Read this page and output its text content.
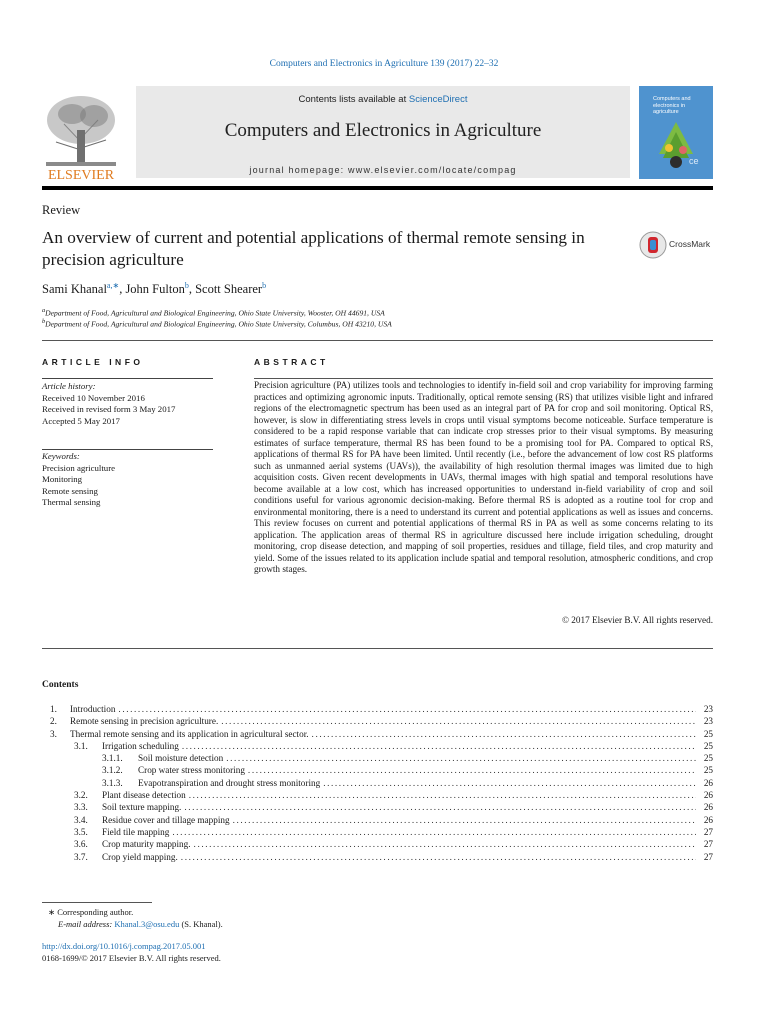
Computers and Electronics in Agriculture 139 (2017) 22–32
ELSEVIER
Contents lists available at ScienceDirect
Computers and Electronics in Agriculture
journal homepage: www.elsevier.com/locate/compag
Computers and electronics in agriculture
ce
Review
An overview of current and potential applications of thermal remote sensing in precision agriculture
CrossMark
Sami Khanal$^{a,∗}$, John Fulton$^b$, Scott Shearer$^b$
$^a$Department of Food, Agricultural and Biological Engineering, Ohio State University, Wooster, OH 44691, USA
$^b$Department of Food, Agricultural and Biological Engineering, Ohio State University, Columbus, OH 43210, USA
ARTICLE INFO
Article history:
Received 10 November 2016
Received in revised form 3 May 2017
Accepted 5 May 2017
Keywords:
Precision agriculture
Monitoring
Remote sensing
Thermal sensing
ABSTRACT
Precision agriculture (PA) utilizes tools and technologies to identify in-field soil and crop variability for improving farming practices and optimizing agronomic inputs. Traditionally, optical remote sensing (RS) that utilizes visible light and infrared regions of the electromagnetic spectrum has been used as an integral part of PA for crop and soil monitoring. Optical RS, however, is slow in differentiating stress levels in crops until visual symptoms become noticeable. Surface temperature is considered to be a rapid response variable that can indicate crop stresses prior to their visual symptoms. By measuring estimates of surface temperature, thermal RS has been found to be a promising tool for PA. Compared to optical RS, applications of thermal RS for PA have been limited. Until recently (i.e., before the advancement of low cost RS platforms such as unmanned aerial systems (UAVs)), the availability of high resolution thermal images was limited due to high acquisition costs. Given recent developments in UAVs, thermal images with high spatial and temporal resolutions have become available at a low cost, which has increased opportunities to understand in-field variability of crop and soil conditions useful for various agronomic decision-making. Before thermal RS is adopted as a routine tool for crop and environmental monitoring, there is a need to understand its current and potential applications as well as issues and concerns. This review focuses on current and potential applications of thermal RS in PA as well as some concerns relating to its application. The application areas of thermal RS in agriculture discussed here include irrigation scheduling, drought monitoring, crop disease detection, and mapping of soil properties, residues and tillage, field tiles, and crop maturity and yield. Some of the issues related to its application include spatial and temporal resolution, atmospheric conditions, and crop growth stages.
© 2017 Elsevier B.V. All rights reserved.
Contents
1.	Introduction .....	23
2.	Remote sensing in precision agriculture. .....	23
3.	Thermal remote sensing and its application in agricultural sector. .....	25
3.1.	Irrigation scheduling .....	25
3.1.1.	Soil moisture detection .....	25
3.1.2.	Crop water stress monitoring .....	25
3.1.3.	Evapotranspiration and drought stress monitoring .....	26
3.2.	Plant disease detection .....	26
3.3.	Soil texture mapping. .....	26
3.4.	Residue cover and tillage mapping .....	26
3.5.	Field tile mapping .....	27
3.6.	Crop maturity mapping. .....	27
3.7.	Crop yield mapping. .....	27
∗ Corresponding author.
E-mail address: Khanal.3@osu.edu (S. Khanal).
http://dx.doi.org/10.1016/j.compag.2017.05.001
0168-1699/© 2017 Elsevier B.V. All rights reserved.
